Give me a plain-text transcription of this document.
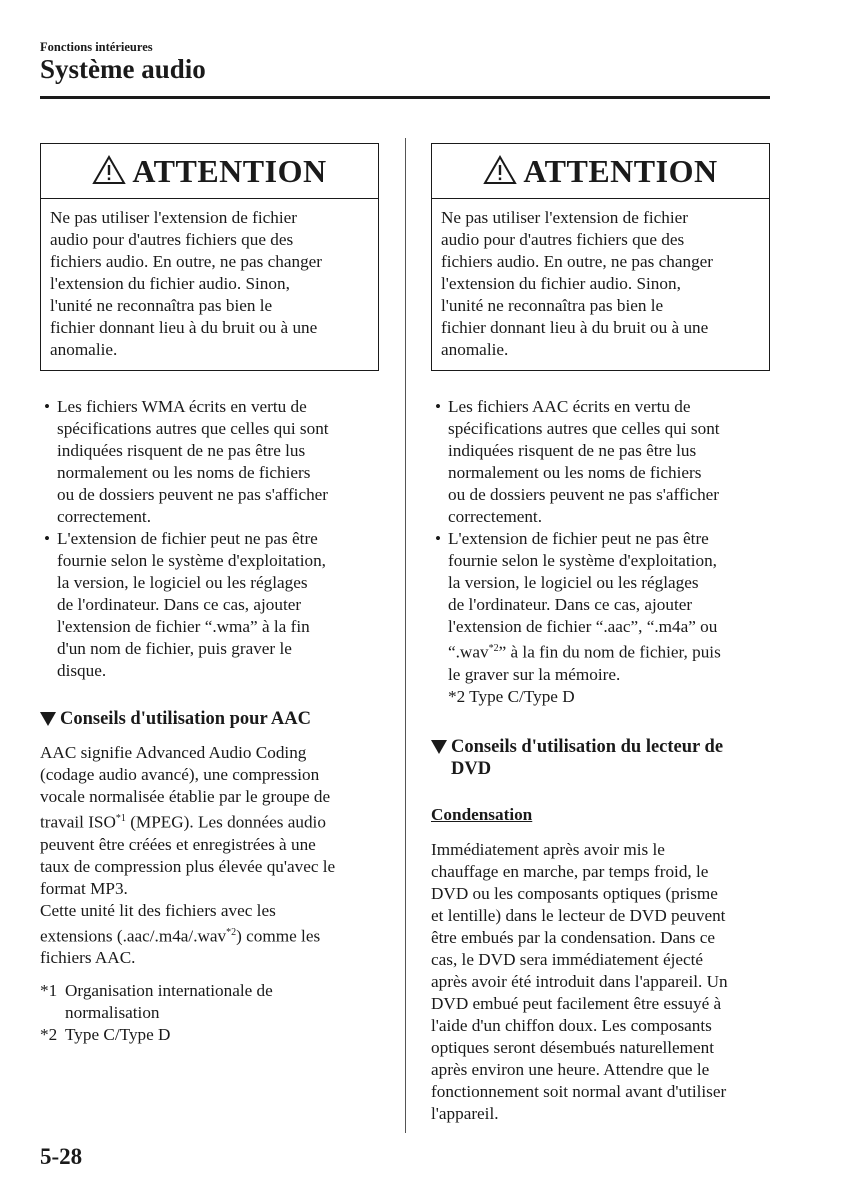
Fonctions intérieures
Système audio
ATTENTION
Ne pas utiliser l'extension de fichier
audio pour d'autres fichiers que des
fichiers audio. En outre, ne pas changer
l'extension du fichier audio. Sinon,
l'unité ne reconnaîtra pas bien le
fichier donnant lieu à du bruit ou à une
anomalie.
• Les fichiers WMA écrits en vertu de
spécifications autres que celles qui sont
indiquées risquent de ne pas être lus
normalement ou les noms de fichiers
ou de dossiers peuvent ne pas s'afficher
correctement.
• L'extension de fichier peut ne pas être
fournie selon le système d'exploitation,
la version, le logiciel ou les réglages
de l'ordinateur. Dans ce cas, ajouter
l'extension de fichier “.wma” à la fin
d'un nom de fichier, puis graver le
disque.
Conseils d'utilisation pour AAC
AAC signifie Advanced Audio Coding
(codage audio avancé), une compression
vocale normalisée établie par le groupe de
travail ISO$^{*1}$ (MPEG). Les données audio
peuvent être créées et enregistrées à une
taux de compression plus élevée qu'avec le
format MP3.
Cette unité lit des fichiers avec les
extensions (.aac/.m4a/.wav$^{*2}$) comme les
fichiers AAC.
*1 Organisation internationale de
normalisation
*2 Type C/Type D
ATTENTION
Ne pas utiliser l'extension de fichier
audio pour d'autres fichiers que des
fichiers audio. En outre, ne pas changer
l'extension du fichier audio. Sinon,
l'unité ne reconnaîtra pas bien le
fichier donnant lieu à du bruit ou à une
anomalie.
• Les fichiers AAC écrits en vertu de
spécifications autres que celles qui sont
indiquées risquent de ne pas être lus
normalement ou les noms de fichiers
ou de dossiers peuvent ne pas s'afficher
correctement.
• L'extension de fichier peut ne pas être
fournie selon le système d'exploitation,
la version, le logiciel ou les réglages
de l'ordinateur. Dans ce cas, ajouter
l'extension de fichier “.aac”, “.m4a” ou
“.wav$^{*2}$” à la fin du nom de fichier, puis
le graver sur la mémoire.
*2 Type C/Type D
Conseils d'utilisation du lecteur de
DVD
Condensation
Immédiatement après avoir mis le
chauffage en marche, par temps froid, le
DVD ou les composants optiques (prisme
et lentille) dans le lecteur de DVD peuvent
être embués par la condensation. Dans ce
cas, le DVD sera immédiatement éjecté
après avoir été introduit dans l'appareil. Un
DVD embué peut facilement être essuyé à
l'aide d'un chiffon doux. Les composants
optiques seront désembués naturellement
après environ une heure. Attendre que le
fonctionnement soit normal avant d'utiliser
l'appareil.
5-28
